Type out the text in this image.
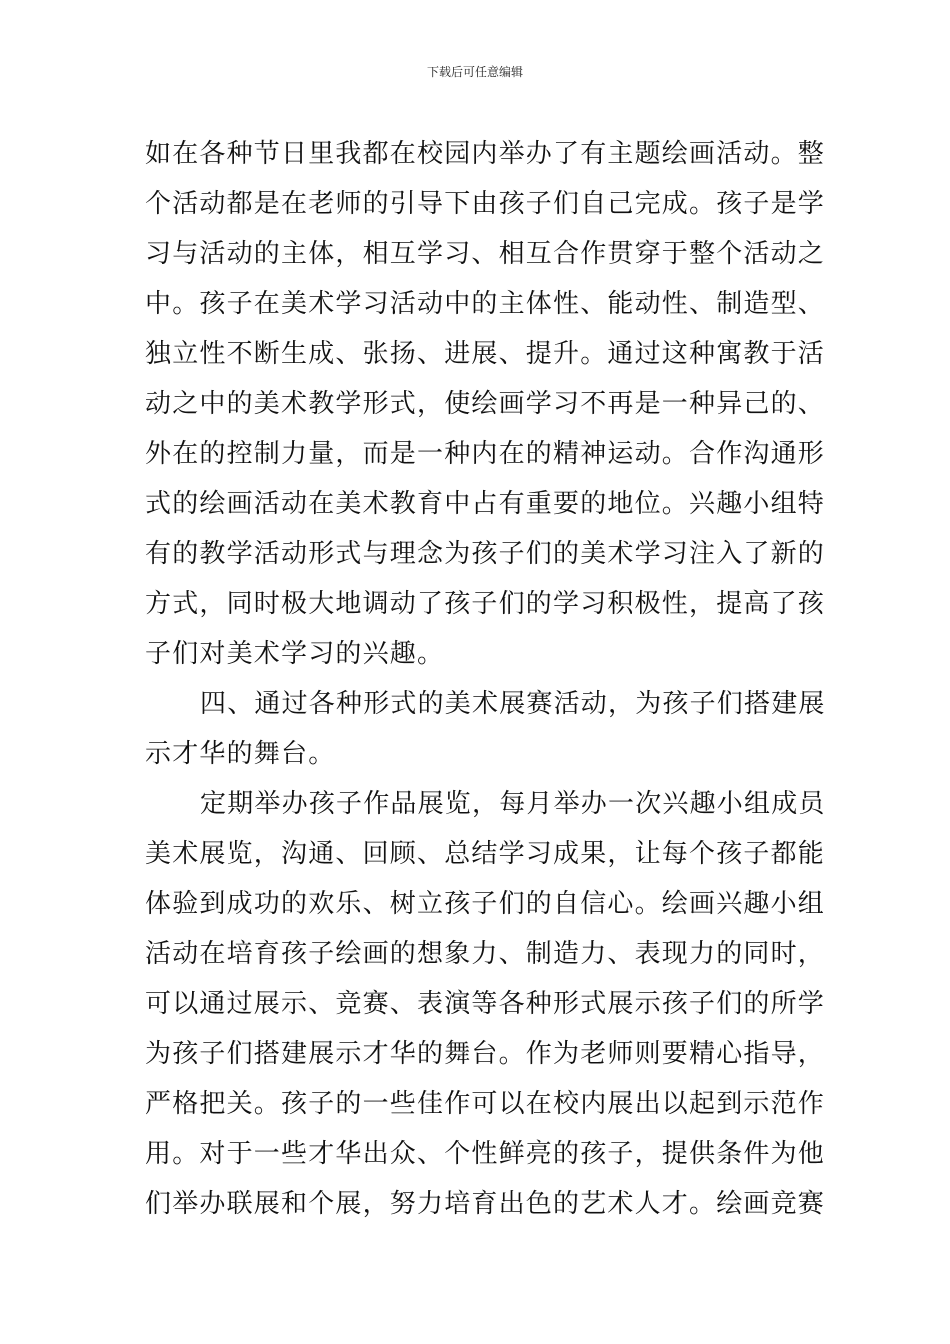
下载后可任意编辑
如在各种节日里我都在校园内举办了有主题绘画活动。整
个活动都是在老师的引导下由孩子们自己完成。孩子是学
习与活动的主体，相互学习、相互合作贯穿于整个活动之
中。孩子在美术学习活动中的主体性、能动性、制造型、
独立性不断生成、张扬、进展、提升。通过这种寓教于活
动之中的美术教学形式，使绘画学习不再是一种异己的、
外在的控制力量，而是一种内在的精神运动。合作沟通形
式的绘画活动在美术教育中占有重要的地位。兴趣小组特
有的教学活动形式与理念为孩子们的美术学习注入了新的
方式，同时极大地调动了孩子们的学习积极性，提高了孩
子们对美术学习的兴趣。
四、通过各种形式的美术展赛活动，为孩子们搭建展
示才华的舞台。
定期举办孩子作品展览，每月举办一次兴趣小组成员
美术展览，沟通、回顾、总结学习成果，让每个孩子都能
体验到成功的欢乐、树立孩子们的自信心。绘画兴趣小组
活动在培育孩子绘画的想象力、制造力、表现力的同时，
可以通过展示、竞赛、表演等各种形式展示孩子们的所学
为孩子们搭建展示才华的舞台。作为老师则要精心指导，
严格把关。孩子的一些佳作可以在校内展出以起到示范作
用。对于一些才华出众、个性鲜亮的孩子，提供条件为他
们举办联展和个展，努力培育出色的艺术人才。绘画竞赛
